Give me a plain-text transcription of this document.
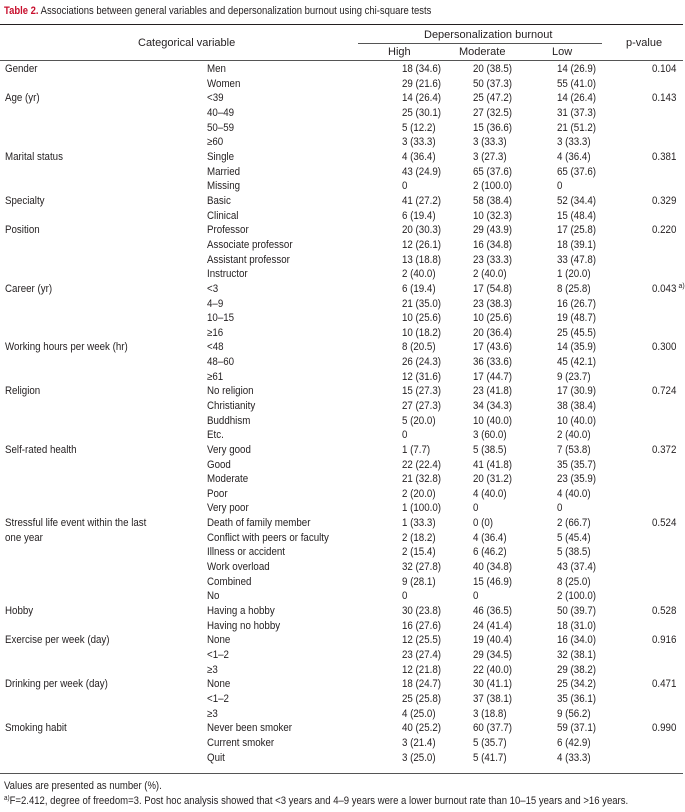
Table 2. Associations between general variables and depersonalization burnout using chi-square tests
Categorical variable
Depersonalization burnout
High	Moderate	Low
p-value
Gender	Men	18 (34.6)	20 (38.5)	14 (26.9)	0.104
	Women	29 (21.6)	50 (37.3)	55 (41.0)	
Age (yr)	<39	14 (26.4)	25 (47.2)	14 (26.4)	0.143
	40–49	25 (30.1)	27 (32.5)	31 (37.3)	
	50–59	5 (12.2)	15 (36.6)	21 (51.2)	
	≥60	3 (33.3)	3 (33.3)	3 (33.3)	
Marital status	Single	4 (36.4)	3 (27.3)	4 (36.4)	0.381
	Married	43 (24.9)	65 (37.6)	65 (37.6)	
	Missing	0	2 (100.0)	0	
Specialty	Basic	41 (27.2)	58 (38.4)	52 (34.4)	0.329
	Clinical	6 (19.4)	10 (32.3)	15 (48.4)	
Position	Professor	20 (30.3)	29 (43.9)	17 (25.8)	0.220
	Associate professor	12 (26.1)	16 (34.8)	18 (39.1)	
	Assistant professor	13 (18.8)	23 (33.3)	33 (47.8)	
	Instructor	2 (40.0)	2 (40.0)	1 (20.0)	
Career (yr)	<3	6 (19.4)	17 (54.8)	8 (25.8)	0.043 $^{a)}$
	4–9	21 (35.0)	23 (38.3)	16 (26.7)	
	10–15	10 (25.6)	10 (25.6)	19 (48.7)	
	≥16	10 (18.2)	20 (36.4)	25 (45.5)	
Working hours per week (hr)	<48	8 (20.5)	17 (43.6)	14 (35.9)	0.300
	48–60	26 (24.3)	36 (33.6)	45 (42.1)	
	≥61	12 (31.6)	17 (44.7)	9 (23.7)	
Religion	No religion	15 (27.3)	23 (41.8)	17 (30.9)	0.724
	Christianity	27 (27.3)	34 (34.3)	38 (38.4)	
	Buddhism	5 (20.0)	10 (40.0)	10 (40.0)	
	Etc.	0	3 (60.0)	2 (40.0)	
Self-rated health	Very good	1 (7.7)	5 (38.5)	7 (53.8)	0.372
	Good	22 (22.4)	41 (41.8)	35 (35.7)	
	Moderate	21 (32.8)	20 (31.2)	23 (35.9)	
	Poor	2 (20.0)	4 (40.0)	4 (40.0)	
	Very poor	1 (100.0)	0	0	
Stressful life event within the last	Death of family member	1 (33.3)	0 (0)	2 (66.7)	0.524
one year	Conflict with peers or faculty	2 (18.2)	4 (36.4)	5 (45.4)	
	Illness or accident	2 (15.4)	6 (46.2)	5 (38.5)	
	Work overload	32 (27.8)	40 (34.8)	43 (37.4)	
	Combined	9 (28.1)	15 (46.9)	8 (25.0)	
	No	0	0	2 (100.0)	
Hobby	Having a hobby	30 (23.8)	46 (36.5)	50 (39.7)	0.528
	Having no hobby	16 (27.6)	24 (41.4)	18 (31.0)	
Exercise per week (day)	None	12 (25.5)	19 (40.4)	16 (34.0)	0.916
	<1–2	23 (27.4)	29 (34.5)	32 (38.1)	
	≥3	12 (21.8)	22 (40.0)	29 (38.2)	
Drinking per week (day)	None	18 (24.7)	30 (41.1)	25 (34.2)	0.471
	<1–2	25 (25.8)	37 (38.1)	35 (36.1)	
	≥3	4 (25.0)	3 (18.8)	9 (56.2)	
Smoking habit	Never been smoker	40 (25.2)	60 (37.7)	59 (37.1)	0.990
	Current smoker	3 (21.4)	5 (35.7)	6 (42.9)	
	Quit	3 (25.0)	5 (41.7)	4 (33.3)	
Values are presented as number (%).
$^{a)}$F=2.412, degree of freedom=3. Post hoc analysis showed that <3 years and 4–9 years were a lower burnout rate than 10–15 years and >16 years.
